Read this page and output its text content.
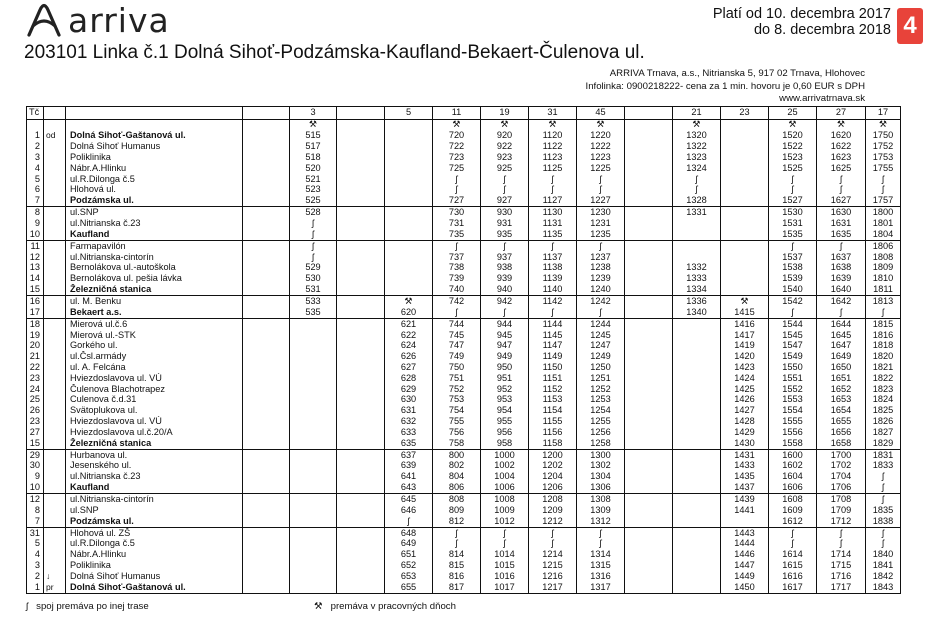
arriva	Platí od 10. decembra 2017
do 8. decembra 2018 4
203101 Linka č.1 Dolná Sihoť-Podzámska-Kaufland-Bekaert-Čulenova ul.
ARRIVA Trnava, a.s., Nitrianska 5, 917 02 Trnava, Hlohovec
Infolinka: 0900218222- cena za 1 min. hovoru je 0,60 EUR s DPH
www.arrivatrnava.sk
Tč				3		5	11	19	31	45		21	23	25	27	17
				⚒			⚒	⚒	⚒	⚒		⚒		⚒	⚒	⚒
1	od	Dolná Sihoť-Gaštanová ul.		515			720	920	1120	1220		1320		1520	1620	1750
2		Dolná Sihoť Humanus		517			722	922	1122	1222		1322		1522	1622	1752
3		Poliklinika		518			723	923	1123	1223		1323		1523	1623	1753
4		Nábr.A.Hlinku		520			725	925	1125	1225		1324		1525	1625	1755
5		ul.R.Dilonga č.5		521			ʃ	ʃ	ʃ	ʃ		ʃ		ʃ	ʃ	ʃ
6		Hlohová ul.		523			ʃ	ʃ	ʃ	ʃ		ʃ		ʃ	ʃ	ʃ
7		Podzámska ul.		525			727	927	1127	1227		1328		1527	1627	1757
8		ul.SNP		528			730	930	1130	1230		1331		1530	1630	1800
9		ul.Nitrianska č.23		ʃ			731	931	1131	1231				1531	1631	1801
10		Kaufland		ʃ			735	935	1135	1235				1535	1635	1804
11		Farmapavilón		ʃ			ʃ	ʃ	ʃ	ʃ				ʃ	ʃ	1806
12		ul.Nitrianska-cintorín		ʃ			737	937	1137	1237				1537	1637	1808
13		Bernolákova ul.-autoškola		529			738	938	1138	1238		1332		1538	1638	1809
14		Bernolákova ul. pešia lávka		530			739	939	1139	1239		1333		1539	1639	1810
15		Železničná stanica		531			740	940	1140	1240		1334		1540	1640	1811
16		ul. M. Benku		533		⚒	742	942	1142	1242		1336	⚒	1542	1642	1813
17		Bekaert a.s.		535		620	ʃ	ʃ	ʃ	ʃ		1340	1415	ʃ	ʃ	ʃ
18		Mierová ul.č.6				621	744	944	1144	1244			1416	1544	1644	1815
19		Mierová ul.-STK				622	745	945	1145	1245			1417	1545	1645	1816
20		Gorkého ul.				624	747	947	1147	1247			1419	1547	1647	1818
21		ul.Čsl.armády				626	749	949	1149	1249			1420	1549	1649	1820
22		ul. A. Felcána				627	750	950	1150	1250			1423	1550	1650	1821
23		Hviezdoslavova ul. VÚ				628	751	951	1151	1251			1424	1551	1651	1822
24		Čulenova Blachotrapez				629	752	952	1152	1252			1425	1552	1652	1823
25		Čulenova č.d.31				630	753	953	1153	1253			1426	1553	1653	1824
26		Svätoplukova ul.				631	754	954	1154	1254			1427	1554	1654	1825
23		Hviezdoslavova ul. VÚ				632	755	955	1155	1255			1428	1555	1655	1826
27		Hviezdoslavova ul.č.20/A				633	756	956	1156	1256			1429	1556	1656	1827
15		Železničná stanica				635	758	958	1158	1258			1430	1558	1658	1829
29		Hurbanova ul.				637	800	1000	1200	1300			1431	1600	1700	1831
30		Jesenského ul.				639	802	1002	1202	1302			1433	1602	1702	1833
9		ul.Nitrianska č.23				641	804	1004	1204	1304			1435	1604	1704	ʃ
10		Kaufland				643	806	1006	1206	1306			1437	1606	1706	ʃ
12		ul.Nitrianska-cintorín				645	808	1008	1208	1308			1439	1608	1708	ʃ
8		ul.SNP				646	809	1009	1209	1309			1441	1609	1709	1835
7		Podzámska ul.				ʃ	812	1012	1212	1312				1612	1712	1838
31		Hlohová ul. ZŠ				648	ʃ	ʃ	ʃ	ʃ			1443	ʃ	ʃ	ʃ
5		ul.R.Dilonga č.5				649	ʃ	ʃ	ʃ	ʃ			1444	ʃ	ʃ	ʃ
4		Nábr.A.Hlinku				651	814	1014	1214	1314			1446	1614	1714	1840
3		Poliklinika				652	815	1015	1215	1315			1447	1615	1715	1841
2	↓	Dolná Sihoť Humanus				653	816	1016	1216	1316			1449	1616	1716	1842
1	pr	Dolná Sihoť-Gaštanová ul.				655	817	1017	1217	1317			1450	1617	1717	1843
ʃ spoj premáva po inej trase	⚒ premáva v pracovných dňoch
